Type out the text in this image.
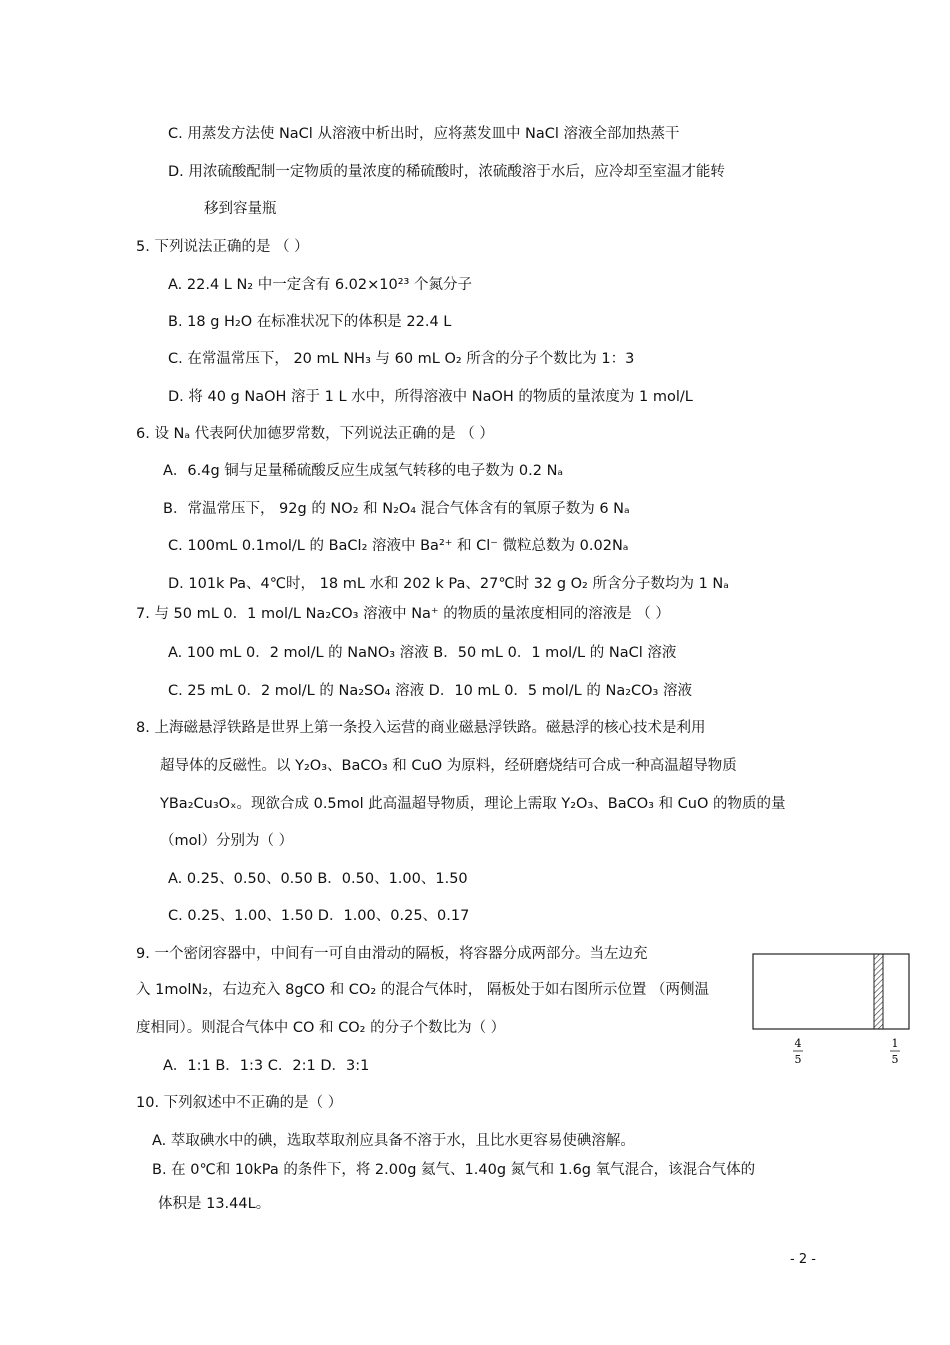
C. 用蒸发方法使 NaCl 从溶液中析出时，应将蒸发皿中 NaCl 溶液全部加热蒸干
D. 用浓硫酸配制一定物质的量浓度的稀硫酸时，浓硫酸溶于水后，应冷却至室温才能转
移到容量瓶
5. 下列说法正确的是 （ ）
A. 22.4 L N₂ 中一定含有 6.02×10²³ 个氮分子
B. 18 g H₂O 在标准状况下的体积是 22.4 L
C. 在常温常压下， 20 mL NH₃ 与 60 mL O₂ 所含的分子个数比为 1：3
D. 将 40 g NaOH 溶于 1 L 水中，所得溶液中 NaOH 的物质的量浓度为 1 mol/L
6. 设 Nₐ 代表阿伏加德罗常数，下列说法正确的是 （ ）
A．6.4g 铜与足量稀硫酸反应生成氢气转移的电子数为 0.2 Nₐ
B．常温常压下， 92g 的 NO₂ 和 N₂O₄ 混合气体含有的氧原子数为 6 Nₐ
C. 100mL 0.1mol/L 的 BaCl₂ 溶液中 Ba²⁺ 和 Cl⁻ 微粒总数为 0.02Nₐ
D. 101k Pa、4℃时， 18 mL 水和 202 k Pa、27℃时 32 g O₂ 所含分子数均为 1 Nₐ
7. 与 50 mL 0．1 mol/L Na₂CO₃ 溶液中 Na⁺ 的物质的量浓度相同的溶液是 （ ）
A. 100 mL 0．2 mol/L 的 NaNO₃ 溶液 B．50 mL 0．1 mol/L 的 NaCl 溶液
C. 25 mL 0．2 mol/L 的 Na₂SO₄ 溶液 D．10 mL 0．5 mol/L 的 Na₂CO₃ 溶液
8. 上海磁悬浮铁路是世界上第一条投入运营的商业磁悬浮铁路。磁悬浮的核心技术是利用
超导体的反磁性。以 Y₂O₃、BaCO₃ 和 CuO 为原料，经研磨烧结可合成一种高温超导物质
YBa₂Cu₃Oₓ。现欲合成 0.5mol 此高温超导物质，理论上需取 Y₂O₃、BaCO₃ 和 CuO 的物质的量
（mol）分别为（ ）
A. 0.25、0.50、0.50 B．0.50、1.00、1.50
C. 0.25、1.00、1.50 D．1.00、0.25、0.17
9. 一个密闭容器中，中间有一可自由滑动的隔板，将容器分成两部分。当左边充
入 1molN₂，右边充入 8gCO 和 CO₂ 的混合气体时， 隔板处于如右图所示位置 （两侧温
度相同）。则混合气体中 CO 和 CO₂ 的分子个数比为（ ）
A．1:1 B．1:3 C．2:1 D．3:1
10. 下列叙述中不正确的是（ ）
A. 萃取碘水中的碘，选取萃取剂应具备不溶于水，且比水更容易使碘溶解。
B. 在 0℃和 10kPa 的条件下，将 2.00g 氦气、1.40g 氮气和 1.6g 氧气混合，该混合气体的
体积是 13.44L。
4
5
1
5
- 2 -
